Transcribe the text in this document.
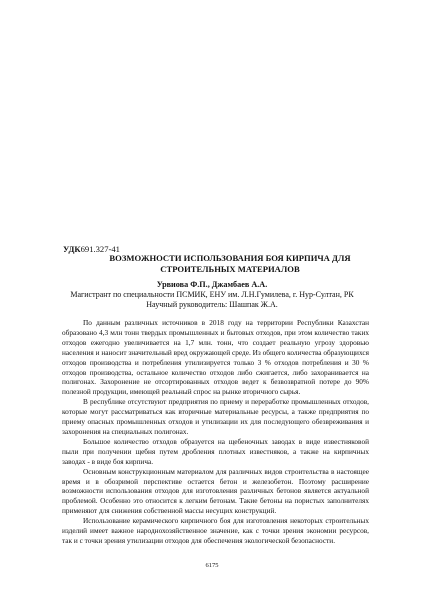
УДК691.327-41
ВОЗМОЖНОСТИ ИСПОЛЬЗОВАНИЯ БОЯ КИРПИЧА ДЛЯ СТРОИТЕЛЬНЫХ МАТЕРИАЛОВ
Урвиова Ф.П., Джамбаев А.А.
Магистрант по специальности ПСМИК, ЕНУ им. Л.Н.Гумилева, г. Нур-Султан, РК
Научный руководитель: Шашпак Ж.А.

По данным различных источников в 2018 году на территории Республики Казахстан образовано 4,3 млн тонн твердых промышленных и бытовых отходов, при этом количество таких отходов ежегодно увеличивается на 1,7 млн. тонн, что создает реальную угрозу здоровью населения и наносит значительный вред окружающей среде. Из общего количества образующихся отходов производства и потребления утилизируется только 3 % отходов потребления и 30 % отходов производства, остальное количество отходов либо сжигается, либо захоранивается на полигонах. Захоронение не отсортированных отходов ведет к безвозвратной потере до 90% полезной продукции, имеющей реальный спрос на рынке вторичного сырья.

В республике отсутствуют предприятия по приему и переработке промышленных отходов, которые могут рассматриваться как вторичные материальные ресурсы, а также предприятия по приему опасных промышленных отходов и утилизации их для последующего обезвреживания и захоронения на специальных полигонах.

Большое количество отходов образуется на щебеночных заводах в виде известняковой пыли при получении щебня путем дробления плотных известняков, а также на кирпичных заводах - в виде боя кирпича.

Основным конструкционным материалом для различных видов строительства в настоящее время и в обозримой перспективе остается бетон и железобетон. Поэтому расширение возможности использования отходов для изготовления различных бетонов является актуальной проблемой. Особенно это относится к легким бетонам. Такие бетоны на пористых заполнителях применяют для снижения собственной массы несущих конструкций.

Использование керамического кирпичного боя для изготовления некоторых строительных изделий имеет важное народнохозяйственное значение, как с точки зрения экономии ресурсов, так и с точки зрения утилизации отходов для обеспечения экологической безопасности.

6175
